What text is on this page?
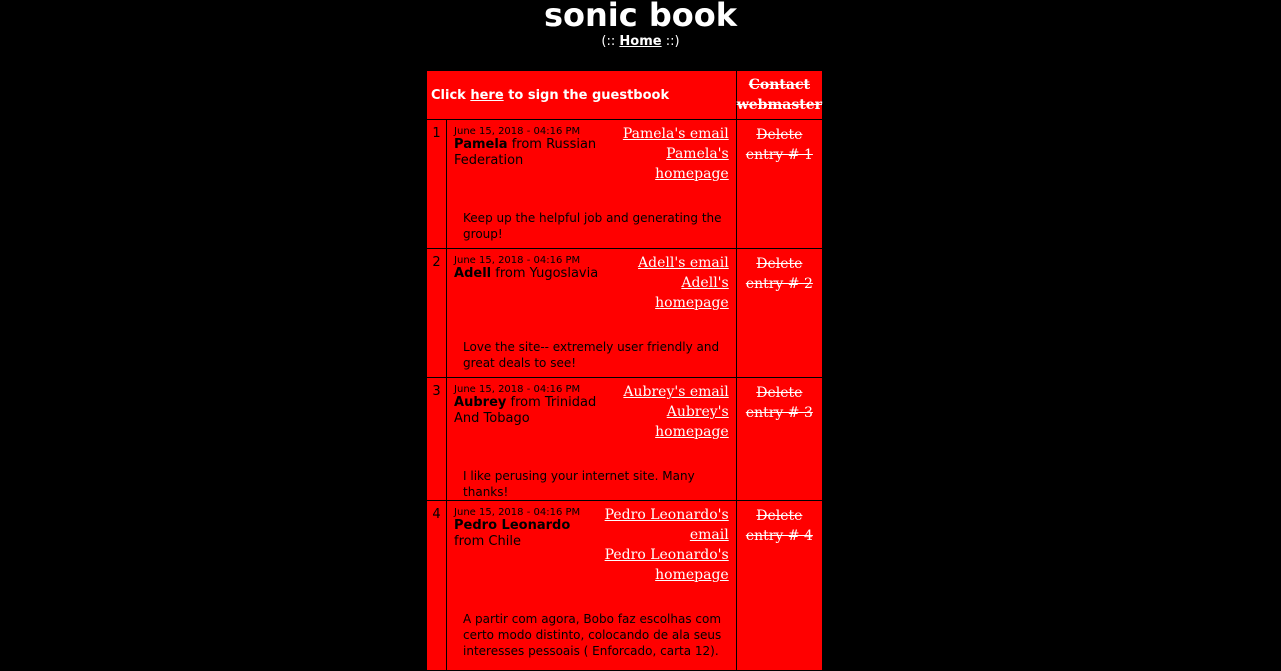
sonic book
(:: Home ::)
Click here to sign the guestbook		Contact webmaster
1	June 15, 2018 - 04:16 PM
Pamela from Russian Federation
Pamela's email
Pamela's homepage
Keep up the helpful job and generating the group!	Delete entry # 1
2	June 15, 2018 - 04:16 PM
Adell from Yugoslavia
Adell's email Adell's homepage
Love the site-- extremely user friendly and great deals to see!	Delete entry # 2
3	June 15, 2018 - 04:16 PM
Aubrey from Trinidad And Tobago
Aubrey's email
Aubrey's homepage
I like perusing your internet site. Many thanks!	Delete entry # 3
4	June 15, 2018 - 04:16 PM
Pedro Leonardo from Chile
Pedro Leonardo's email
Pedro Leonardo's homepage
A partir com agora, Bobo faz escolhas com certo modo distinto, colocando de ala seus interesses pessoais ( Enforcado, carta 12).	Delete entry # 4
